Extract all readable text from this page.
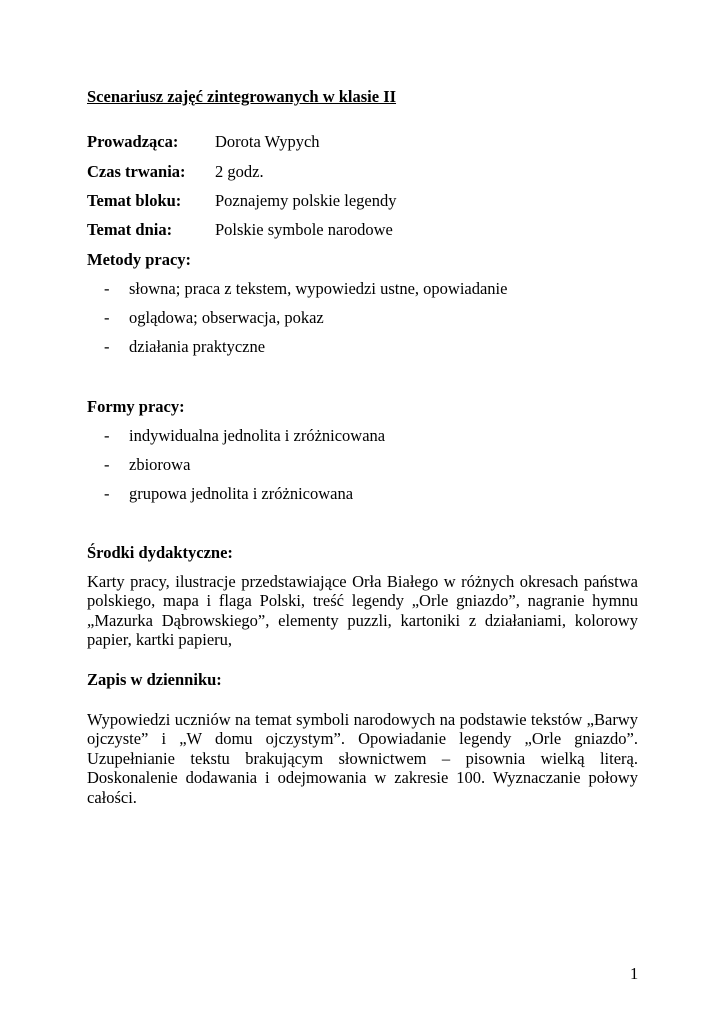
Scenariusz zajęć zintegrowanych w klasie II
Prowadząca: Dorota Wypych
Czas trwania: 2 godz.
Temat bloku: Poznajemy polskie legendy
Temat dnia:	Polskie symbole narodowe
Metody pracy:
- słowna; praca z tekstem, wypowiedzi ustne, opowiadanie
- oglądowa; obserwacja, pokaz
- działania praktyczne
Formy pracy:
- indywidualna jednolita i zróżnicowana
- zbiorowa
- grupowa jednolita i zróżnicowana
Środki dydaktyczne:

Karty pracy, ilustracje przedstawiające Orła Białego w różnych okresach państwa polskiego, mapa i flaga Polski, treść legendy „Orle gniazdo”, nagranie hymnu „Mazurka Dąbrowskiego”, elementy puzzli, kartoniki z działaniami, kolorowy papier, kartki papieru,

Zapis w dzienniku:

Wypowiedzi uczniów na temat symboli narodowych na podstawie tekstów „Barwy ojczyste” i „W domu ojczystym”. Opowiadanie legendy „Orle gniazdo”. Uzupełnianie tekstu brakującym słownictwem – pisownia wielką literą. Doskonalenie dodawania i odejmowania w zakresie 100. Wyznaczanie połowy całości.

1
